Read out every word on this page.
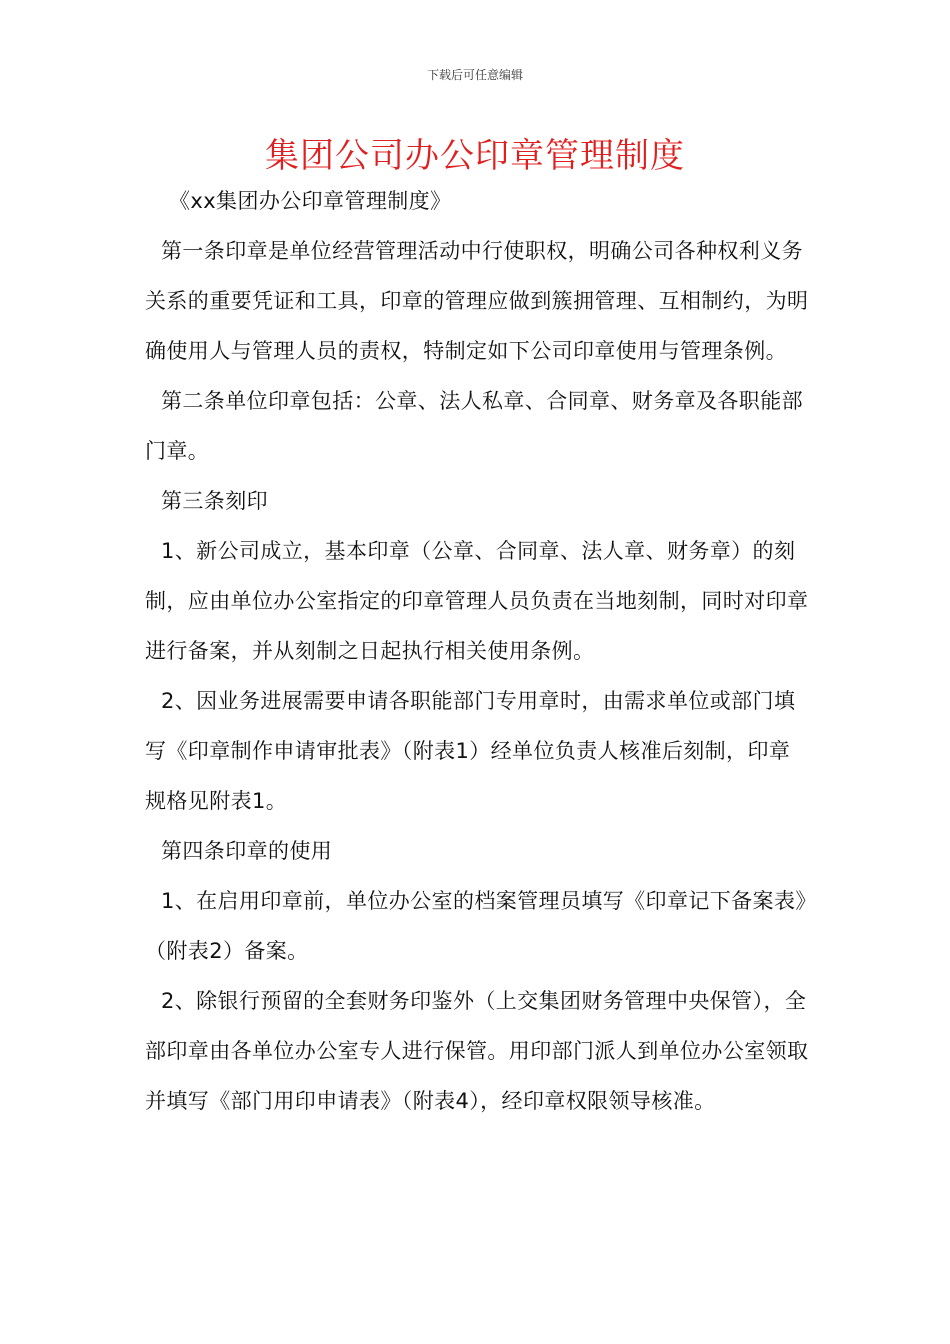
下载后可任意编辑
集团公司办公印章管理制度

《xx集团办公印章管理制度》

第一条印章是单位经营管理活动中行使职权，明确公司各种权利义务关系的重要凭证和工具，印章的管理应做到簇拥管理、互相制约，为明确使用人与管理人员的责权，特制定如下公司印章使用与管理条例。

第二条单位印章包括：公章、法人私章、合同章、财务章及各职能部门章。

第三条刻印

1、新公司成立，基本印章（公章、合同章、法人章、财务章）的刻制，应由单位办公室指定的印章管理人员负责在当地刻制，同时对印章进行备案，并从刻制之日起执行相关使用条例。

2、因业务进展需要申请各职能部门专用章时，由需求单位或部门填写《印章制作申请审批表》（附表1）经单位负责人核准后刻制，印章规格见附表1。

第四条印章的使用

1、在启用印章前，单位办公室的档案管理员填写《印章记下备案表》（附表2）备案。

2、除银行预留的全套财务印鉴外（上交集团财务管理中央保管），全部印章由各单位办公室专人进行保管。用印部门派人到单位办公室领取并填写《部门用印申请表》（附表4），经印章权限领导核准。
